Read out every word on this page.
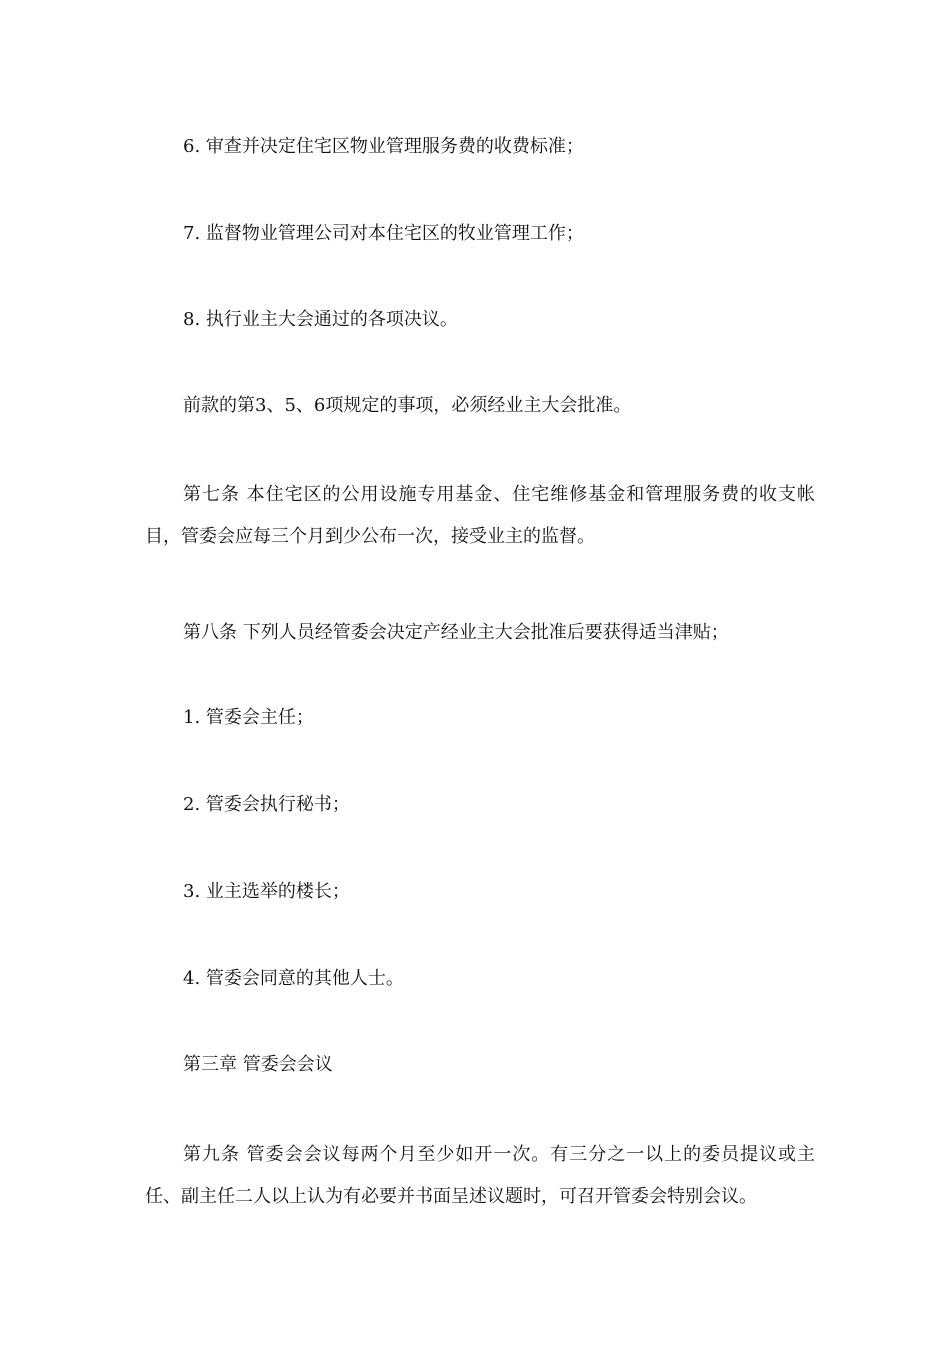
6. 审查并决定住宅区物业管理服务费的收费标准；

7. 监督物业管理公司对本住宅区的牧业管理工作；

8. 执行业主大会通过的各项决议。

前款的第3、5、6项规定的事项，必须经业主大会批准。

第七条 本住宅区的公用设施专用基金、住宅维修基金和管理服务费的收支帐目，管委会应每三个月到少公布一次，接受业主的监督。

第八条 下列人员经管委会决定产经业主大会批准后要获得适当津贴；

1. 管委会主任；

2. 管委会执行秘书；

3. 业主选举的楼长；

4. 管委会同意的其他人士。

第三章 管委会会议

第九条 管委会会议每两个月至少如开一次。有三分之一以上的委员提议或主任、副主任二人以上认为有必要并书面呈述议题时，可召开管委会特别会议。
